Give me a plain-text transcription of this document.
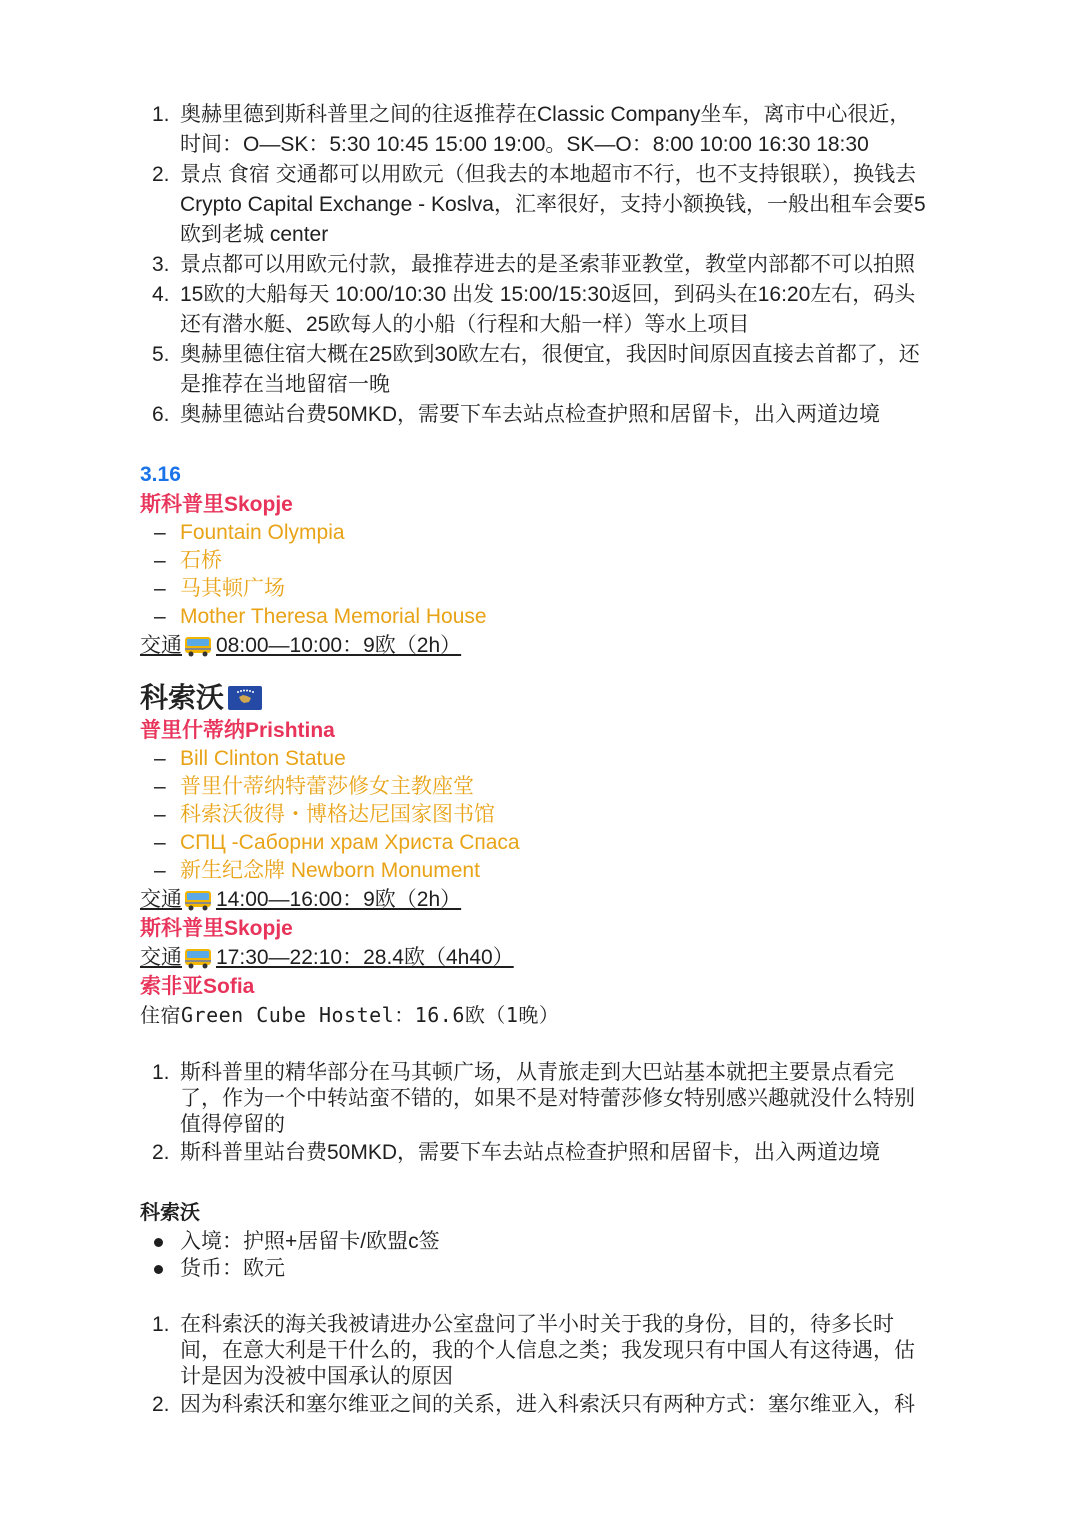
1. 奥赫里德到斯科普里之间的往返推荐在Classic Company坐车，离市中心很近，时间：O—SK：5:30 10:45 15:00 19:00。SK—O：8:00 10:00 16:30 18:30
2. 景点 食宿 交通都可以用欧元（但我去的本地超市不行，也不支持银联），换钱去 Crypto Capital Exchange - Koslva，汇率很好，支持小额换钱，一般出租车会要5欧到老城 center
3. 景点都可以用欧元付款，最推荐进去的是圣索菲亚教堂，教堂内部都不可以拍照
4. 15欧的大船每天 10:00/10:30 出发 15:00/15:30返回，到码头在16:20左右，码头还有潜水艇、25欧每人的小船（行程和大船一样）等水上项目
5. 奥赫里德住宿大概在25欧到30欧左右，很便宜，我因时间原因直接去首都了，还是推荐在当地留宿一晚
6. 奥赫里德站台费50MKD，需要下车去站点检查护照和居留卡，出入两道边境
3.16
斯科普里Skopje
– Fountain Olympia
– 石桥
– 马其顿广场
– Mother Theresa Memorial House
交通 08:00—10:00：9欧（2h）
科索沃
普里什蒂纳Prishtina
– Bill Clinton Statue
– 普里什蒂纳特蕾莎修女主教座堂
– 科索沃彼得・博格达尼国家图书馆
– СПЦ -Саборни храм Христа Спаса
– 新生纪念牌 Newborn Monument
交通 14:00—16:00：9欧（2h）
斯科普里Skopje
交通 17:30—22:10：28.4欧（4h40）
索非亚Sofia
住宿Green Cube Hostel：16.6欧（1晚）
1. 斯科普里的精华部分在马其顿广场，从青旅走到大巴站基本就把主要景点看完了，作为一个中转站蛮不错的，如果不是对特蕾莎修女特别感兴趣就没什么特别值得停留的
2. 斯科普里站台费50MKD，需要下车去站点检查护照和居留卡，出入两道边境
科索沃
入境：护照+居留卡/欧盟c签
货币：欧元
1. 在科索沃的海关我被请进办公室盘问了半小时关于我的身份，目的，待多长时间，在意大利是干什么的，我的个人信息之类；我发现只有中国人有这待遇，估计是因为没被中国承认的原因
2. 因为科索沃和塞尔维亚之间的关系，进入科索沃只有两种方式：塞尔维亚入，科
